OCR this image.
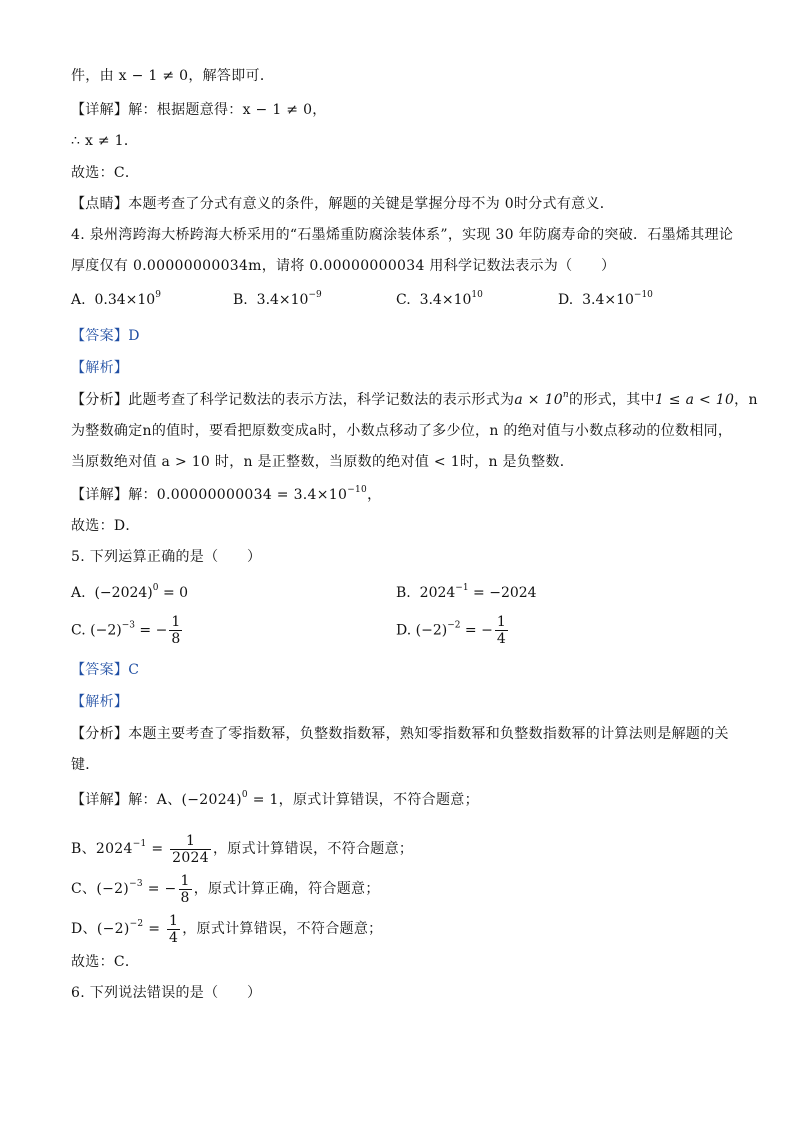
件，由 x − 1 ≠ 0，解答即可．
【详解】解：根据题意得：x − 1 ≠ 0，
∴ x ≠ 1．
故选：C．
【点睛】本题考查了分式有意义的条件，解题的关键是掌握分母不为 0时分式有意义．
4. 泉州湾跨海大桥跨海大桥采用的“石墨烯重防腐涂装体系”，实现 30 年防腐寿命的突破．石墨烯其理论
厚度仅有 0.00000000034m，请将 0.00000000034 用科学记数法表示为（　　）
A. $0.34\times 10^9$	B. $3.4\times 10^{-9}$	C. $3.4\times 10^{10}$	D. $3.4\times 10^{-10}$
【答案】D
【解析】
【分析】此题考查了科学记数法的表示方法，科学记数法的表示形式为$a \times 10^n$的形式，其中1 ≤ a < 10，n
为整数确定n的值时，要看把原数变成a时，小数点移动了多少位，n 的绝对值与小数点移动的位数相同，
当原数绝对值 a > 10 时，n 是正整数，当原数的绝对值 < 1时，n 是负整数．
【详解】解：$0.00000000034 = 3.4\times 10^{-10}$，
故选：D．
5. 下列运算正确的是（　　）
A. $(-2024)^0 = 0$	B. $2024^{-1} = -2024$
C. $(-2)^{-3}$ = − $\frac{1}{8}$	D. $(-2)^{-2}$ = − $\frac{1}{4}$
【答案】C
【解析】
【分析】本题主要考查了零指数幂，负整数指数幂，熟知零指数幂和负整数指数幂的计算法则是解题的关
键．
【详解】解：A、$(-2024)^0 = 1$，原式计算错误，不符合题意；
B、$2024^{-1} = \frac{1}{2024}$ ，原式计算错误，不符合题意；
C、$(-2)^{-3}$ = − $\frac{1}{8}$ ，原式计算正确，符合题意；
D、$(-2)^{-2} = \frac{1}{4}$ ，原式计算错误，不符合题意；
故选：C．
6. 下列说法错误的是（　　）
